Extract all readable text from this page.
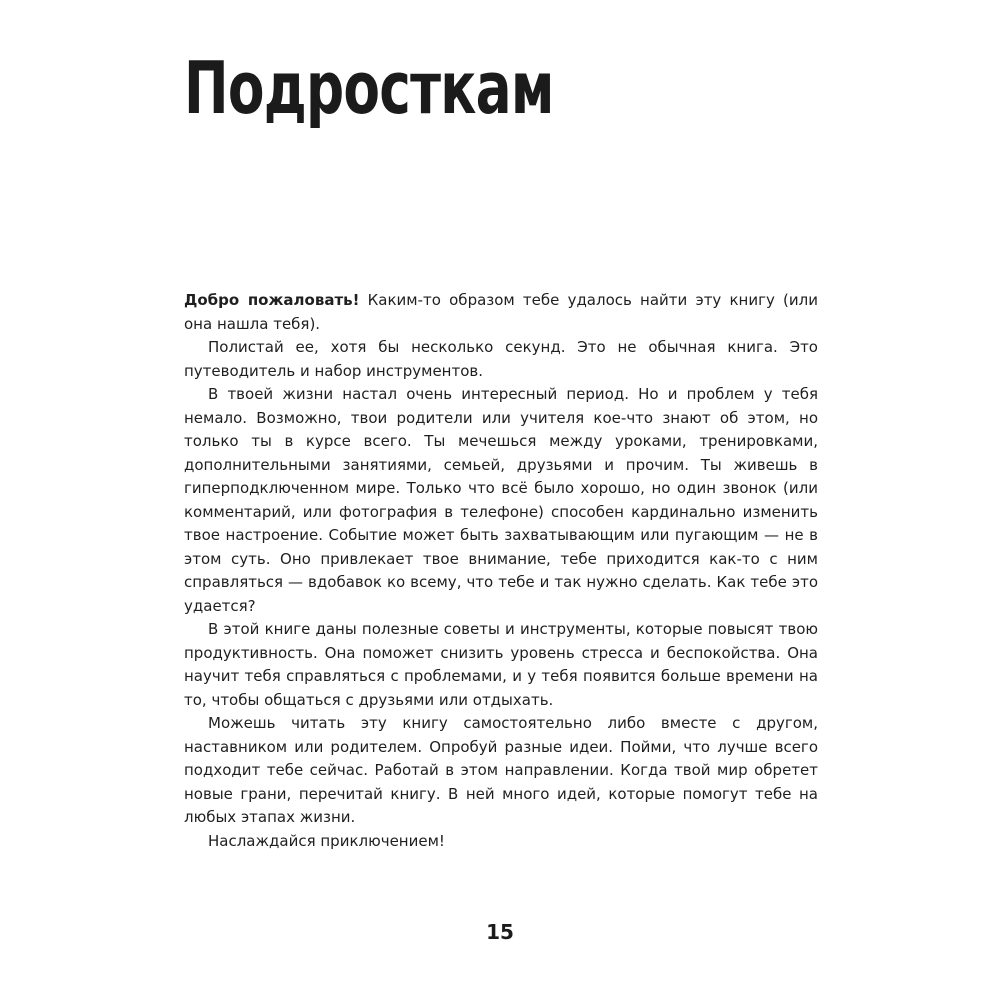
Подросткам

Добро пожаловать! Каким-то образом тебе удалось найти эту книгу (или она нашла тебя).

Полистай ее, хотя бы несколько секунд. Это не обычная книга. Это путеводитель и набор инструментов.

В твоей жизни настал очень интересный период. Но и проблем у тебя немало. Возможно, твои родители или учителя кое-что знают об этом, но только ты в курсе всего. Ты мечешься между уроками, тренировками, дополнительными занятиями, семьей, друзьями и прочим. Ты живешь в гиперподключенном мире. Только что всё было хорошо, но один звонок (или комментарий, или фотография в телефоне) способен кардинально изменить твое настроение. Событие может быть захватывающим или пугающим — не в этом суть. Оно привлекает твое внимание, тебе приходится как-то с ним справляться — вдобавок ко всему, что тебе и так нужно сделать. Как тебе это удается?

В этой книге даны полезные советы и инструменты, которые повысят твою продуктивность. Она поможет снизить уровень стресса и беспокойства. Она научит тебя справляться с проблемами, и у тебя появится больше времени на то, чтобы общаться с друзьями или отдыхать.

Можешь читать эту книгу самостоятельно либо вместе с другом, наставником или родителем. Опробуй разные идеи. Пойми, что лучше всего подходит тебе сейчас. Работай в этом направлении. Когда твой мир обретет новые грани, перечитай книгу. В ней много идей, которые помогут тебе на любых этапах жизни.

Наслаждайся приключением!

15
